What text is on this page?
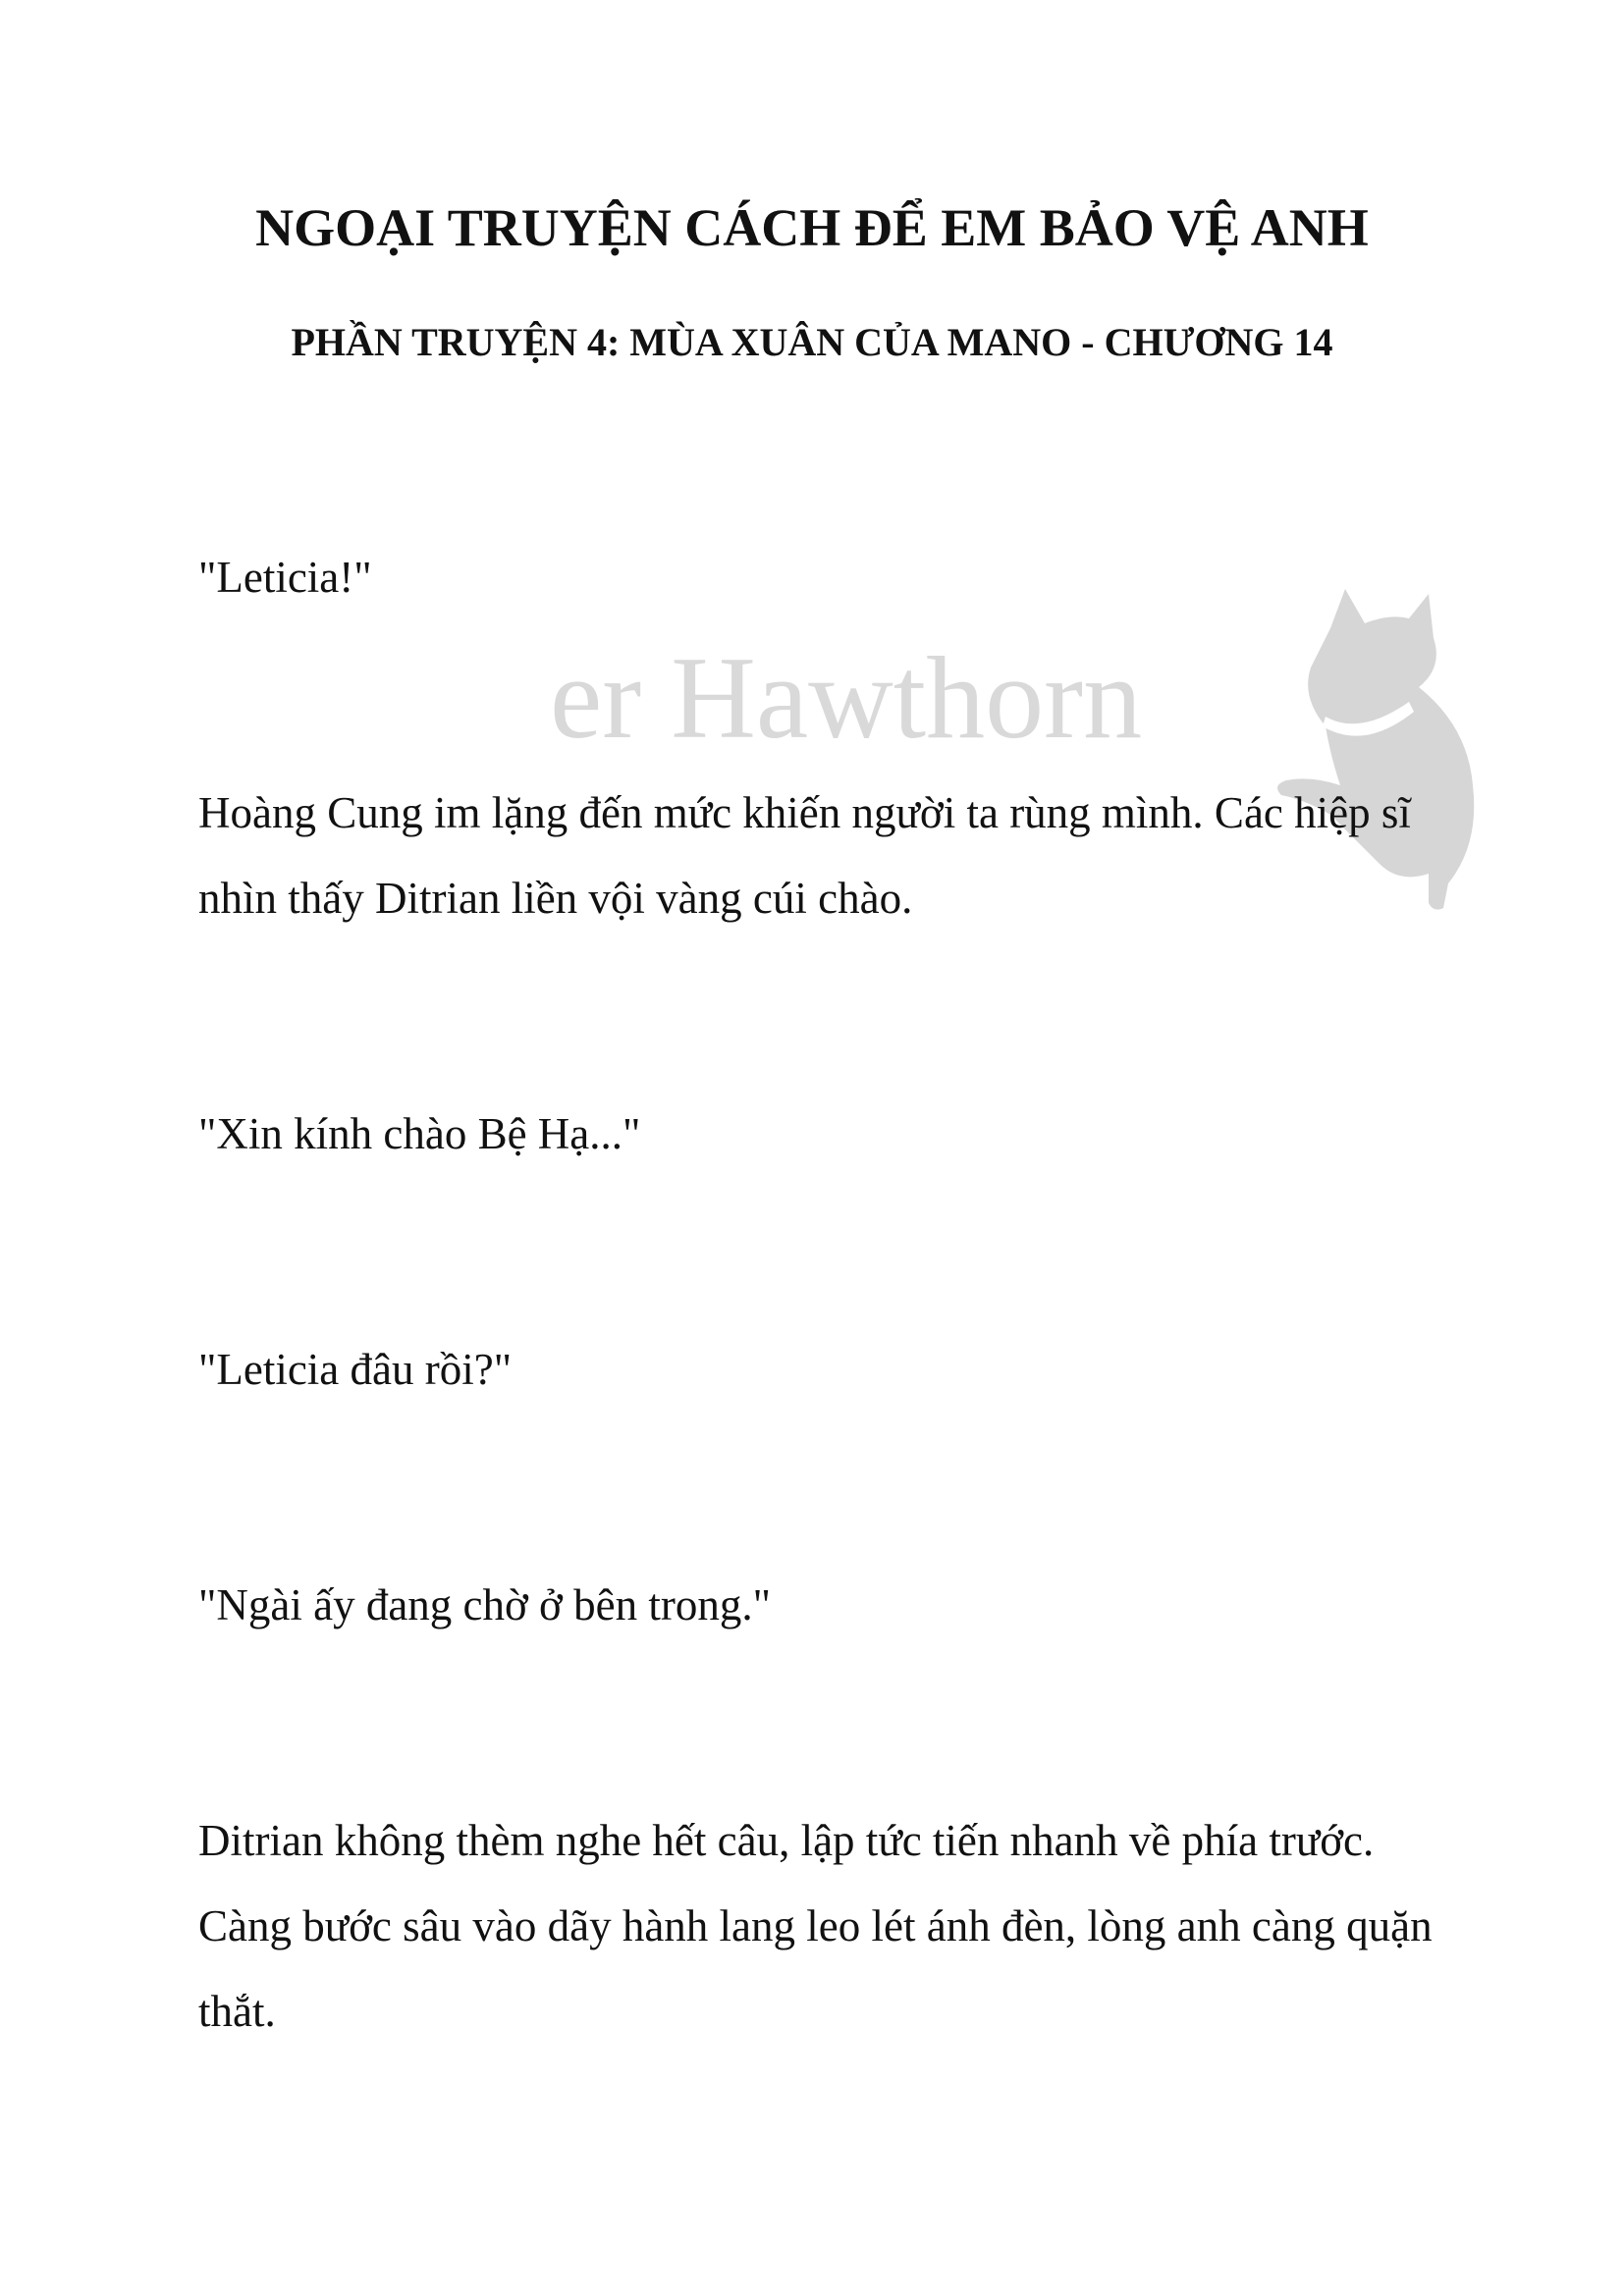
er Hawthorn
NGOẠI TRUYỆN CÁCH ĐỂ EM BẢO VỆ ANH
PHẦN TRUYỆN 4: MÙA XUÂN CỦA MANO - CHƯƠNG 14

"Leticia!"

Hoàng Cung im lặng đến mức khiến người ta rùng mình. Các hiệp sĩ nhìn thấy Ditrian liền vội vàng cúi chào.

"Xin kính chào Bệ Hạ..."

"Leticia đâu rồi?"

"Ngài ấy đang chờ ở bên trong."

Ditrian không thèm nghe hết câu, lập tức tiến nhanh về phía trước. Càng bước sâu vào dãy hành lang leo lét ánh đèn, lòng anh càng quặn thắt.
